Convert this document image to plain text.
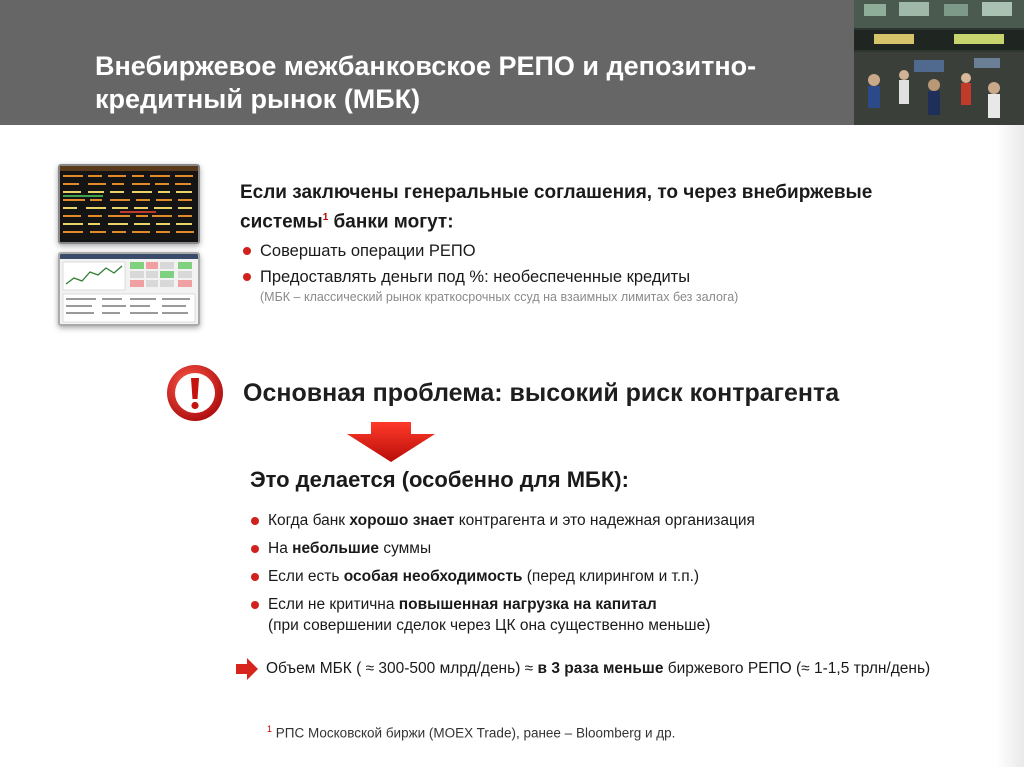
Внебиржевое межбанковское РЕПО и депозитно-кредитный рынок (МБК)

Если заключены генеральные соглашения, то через внебиржевые системы$^1$ банки могут:

Совершать операции РЕПО
Предоставлять деньги под %: необеспеченные кредиты
(МБК – классический рынок краткосрочных ссуд на взаимных лимитах без залога)
Основная проблема: высокий риск контрагента
Это делается (особенно для МБК):
Когда банк хорошо знает контрагента и это надежная организация
На небольшие суммы
Если есть особая необходимость (перед клирингом и т.п.)
Если не критична повышенная нагрузка на капитал
(при совершении сделок через ЦК она существенно меньше)
Объем МБК ( ≈ 300-500 млрд/день) ≈ в 3 раза меньше биржевого РЕПО (≈ 1-1,5 трлн/день)
$^1$ РПС Московской биржи (MOEX Trade), ранее – Bloomberg и др.
